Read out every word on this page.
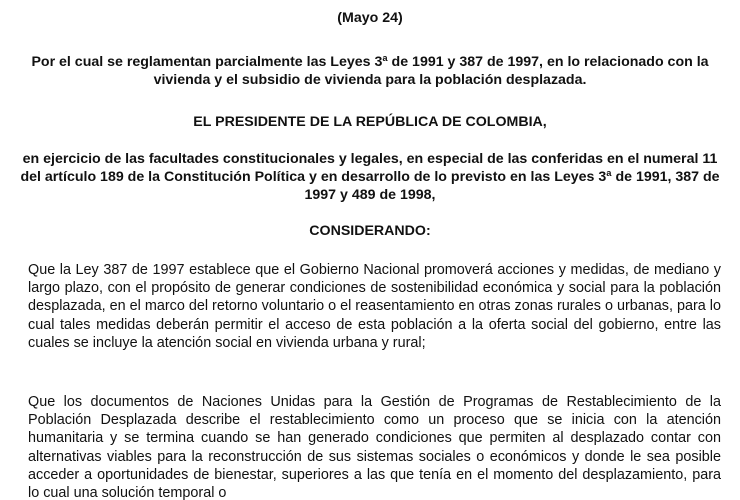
(Mayo 24)

Por el cual se reglamentan parcialmente las Leyes 3ª de 1991 y 387 de 1997, en lo relacionado con la vivienda y el subsidio de vivienda para la población desplazada.

EL PRESIDENTE DE LA REPÚBLICA DE COLOMBIA,

en ejercicio de las facultades constitucionales y legales, en especial de las conferidas en el numeral 11 del artículo 189 de la Constitución Política y en desarrollo de lo previsto en las Leyes 3ª de 1991, 387 de 1997 y 489 de 1998,

CONSIDERANDO:

Que la Ley 387 de 1997 establece que el Gobierno Nacional promoverá acciones y medidas, de mediano y largo plazo, con el propósito de generar condiciones de sostenibilidad económica y social para la población desplazada, en el marco del retorno voluntario o el reasentamiento en otras zonas rurales o urbanas, para lo cual tales medidas deberán permitir el acceso de esta población a la oferta social del gobierno, entre las cuales se incluye la atención social en vivienda urbana y rural;

Que los documentos de Naciones Unidas para la Gestión de Programas de Restablecimiento de la Población Desplazada describe el restablecimiento como un proceso que se inicia con la atención humanitaria y se termina cuando se han generado condiciones que permiten al desplazado contar con alternativas viables para la reconstrucción de sus sistemas sociales o económicos y donde le sea posible acceder a oportunidades de bienestar, superiores a las que tenía en el momento del desplazamiento, para lo cual una solución temporal o
